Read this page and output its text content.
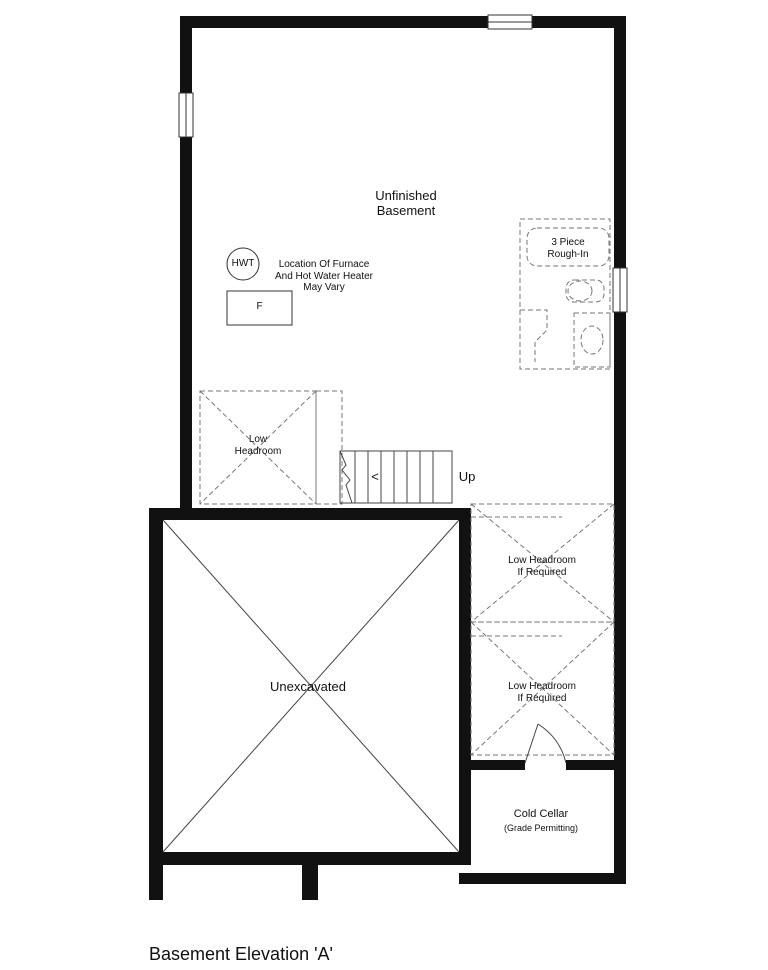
Unfinished
Basement
HWT	Location Of Furnace
And Hot Water Heater
May Vary
F
3 Piece
Rough-In
Low
Headroom
<	Up
Low Headroom
If Required
Low Headroom
If Required
Unexcavated
Cold Cellar
(Grade Permitting)
Basement Elevation 'A'
